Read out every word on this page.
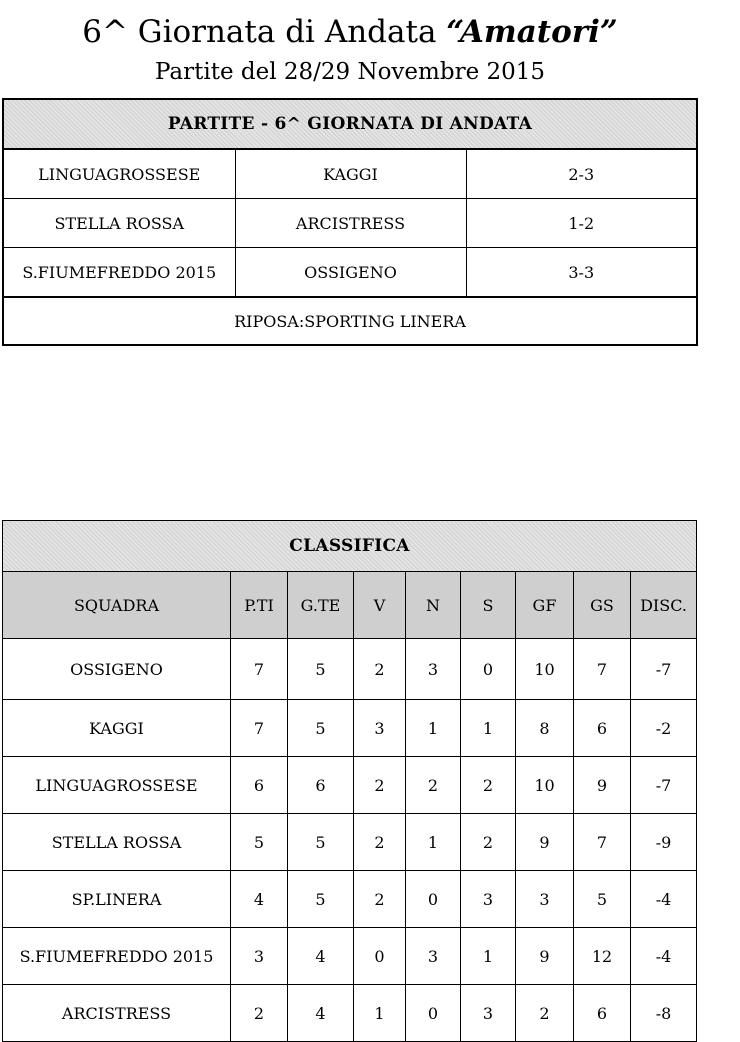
6^ Giornata di Andata “Amatori”
Partite del 28/29 Novembre 2015
PARTITE - 6^ GIORNATA DI ANDATA		
LINGUAGROSSESE	KAGGI	2-3
STELLA ROSSA	ARCISTRESS	1-2
S.FIUMEFREDDO 2015	OSSIGENO	3-3
RIPOSA:SPORTING LINERA		
CLASSIFICA								
SQUADRA	P.TI	G.TE	V	N	S	GF	GS	DISC.
OSSIGENO	7	5	2	3	0	10	7	-7
KAGGI	7	5	3	1	1	8	6	-2
LINGUAGROSSESE	6	6	2	2	2	10	9	-7
STELLA ROSSA	5	5	2	1	2	9	7	-9
SP.LINERA	4	5	2	0	3	3	5	-4
S.FIUMEFREDDO 2015	3	4	0	3	1	9	12	-4
ARCISTRESS	2	4	1	0	3	2	6	-8
